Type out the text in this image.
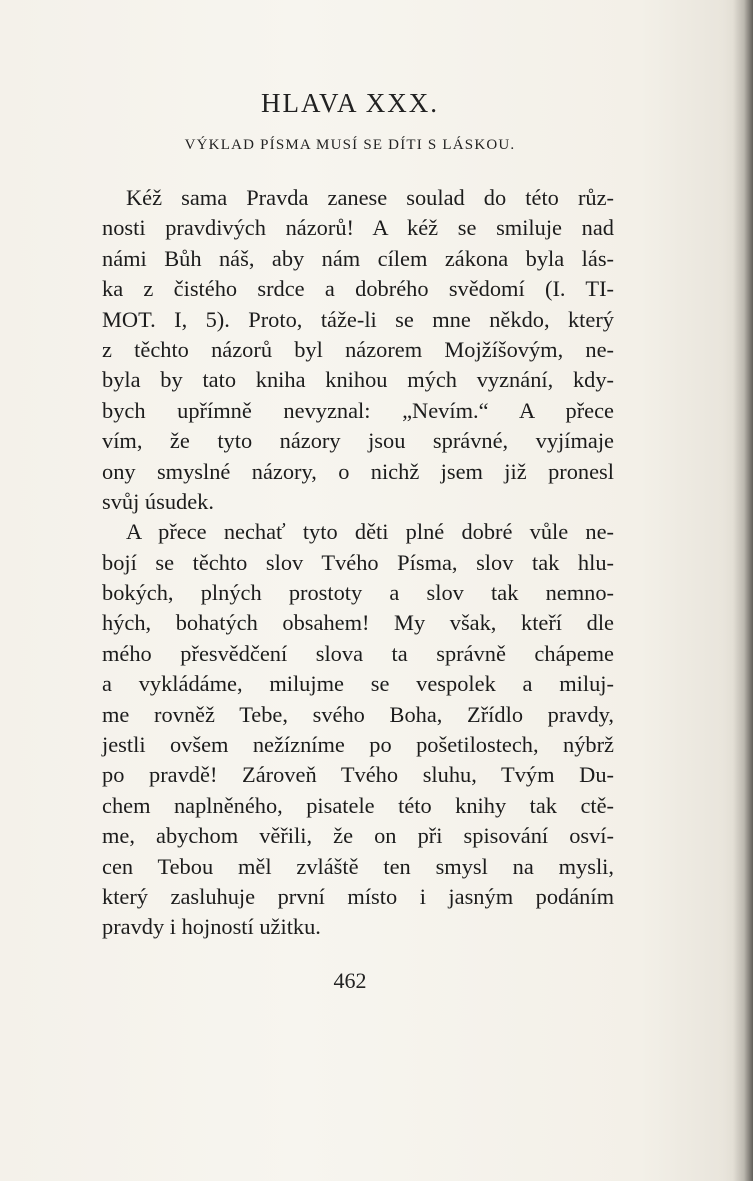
HLAVA XXX.
VÝKLAD PÍSMA MUSÍ SE DÍTI S LÁSKOU.

Kéž sama Pravda zanese soulad do této růz-
nosti pravdivých názorů! A kéž se smiluje nad
námi Bůh náš, aby nám cílem zákona byla lás-
ka z čistého srdce a dobrého svědomí (I. TI-
MOT. I, 5). Proto, táže-li se mne někdo, který
z těchto názorů byl názorem Mojžíšovým, ne-
byla by tato kniha knihou mých vyznání, kdy-
bych upřímně nevyznal: „Nevím.“ A přece
vím, že tyto názory jsou správné, vyjímaje
ony smyslné názory, o nichž jsem již pronesl
svůj úsudek.

A přece nechať tyto děti plné dobré vůle ne-
bojí se těchto slov Tvého Písma, slov tak hlu-
bokých, plných prostoty a slov tak nemno-
hých, bohatých obsahem! My však, kteří dle
mého přesvědčení slova ta správně chápeme
a vykládáme, milujme se vespolek a miluj-
me rovněž Tebe, svého Boha, Zřídlo pravdy,
jestli ovšem nežízníme po pošetilostech, nýbrž
po pravdě! Zároveň Tvého sluhu, Tvým Du-
chem naplněného, pisatele této knihy tak ctě-
me, abychom věřili, že on při spisování osví-
cen Tebou měl zvláště ten smysl na mysli,
který zasluhuje první místo i jasným podáním
pravdy i hojností užitku.

462
